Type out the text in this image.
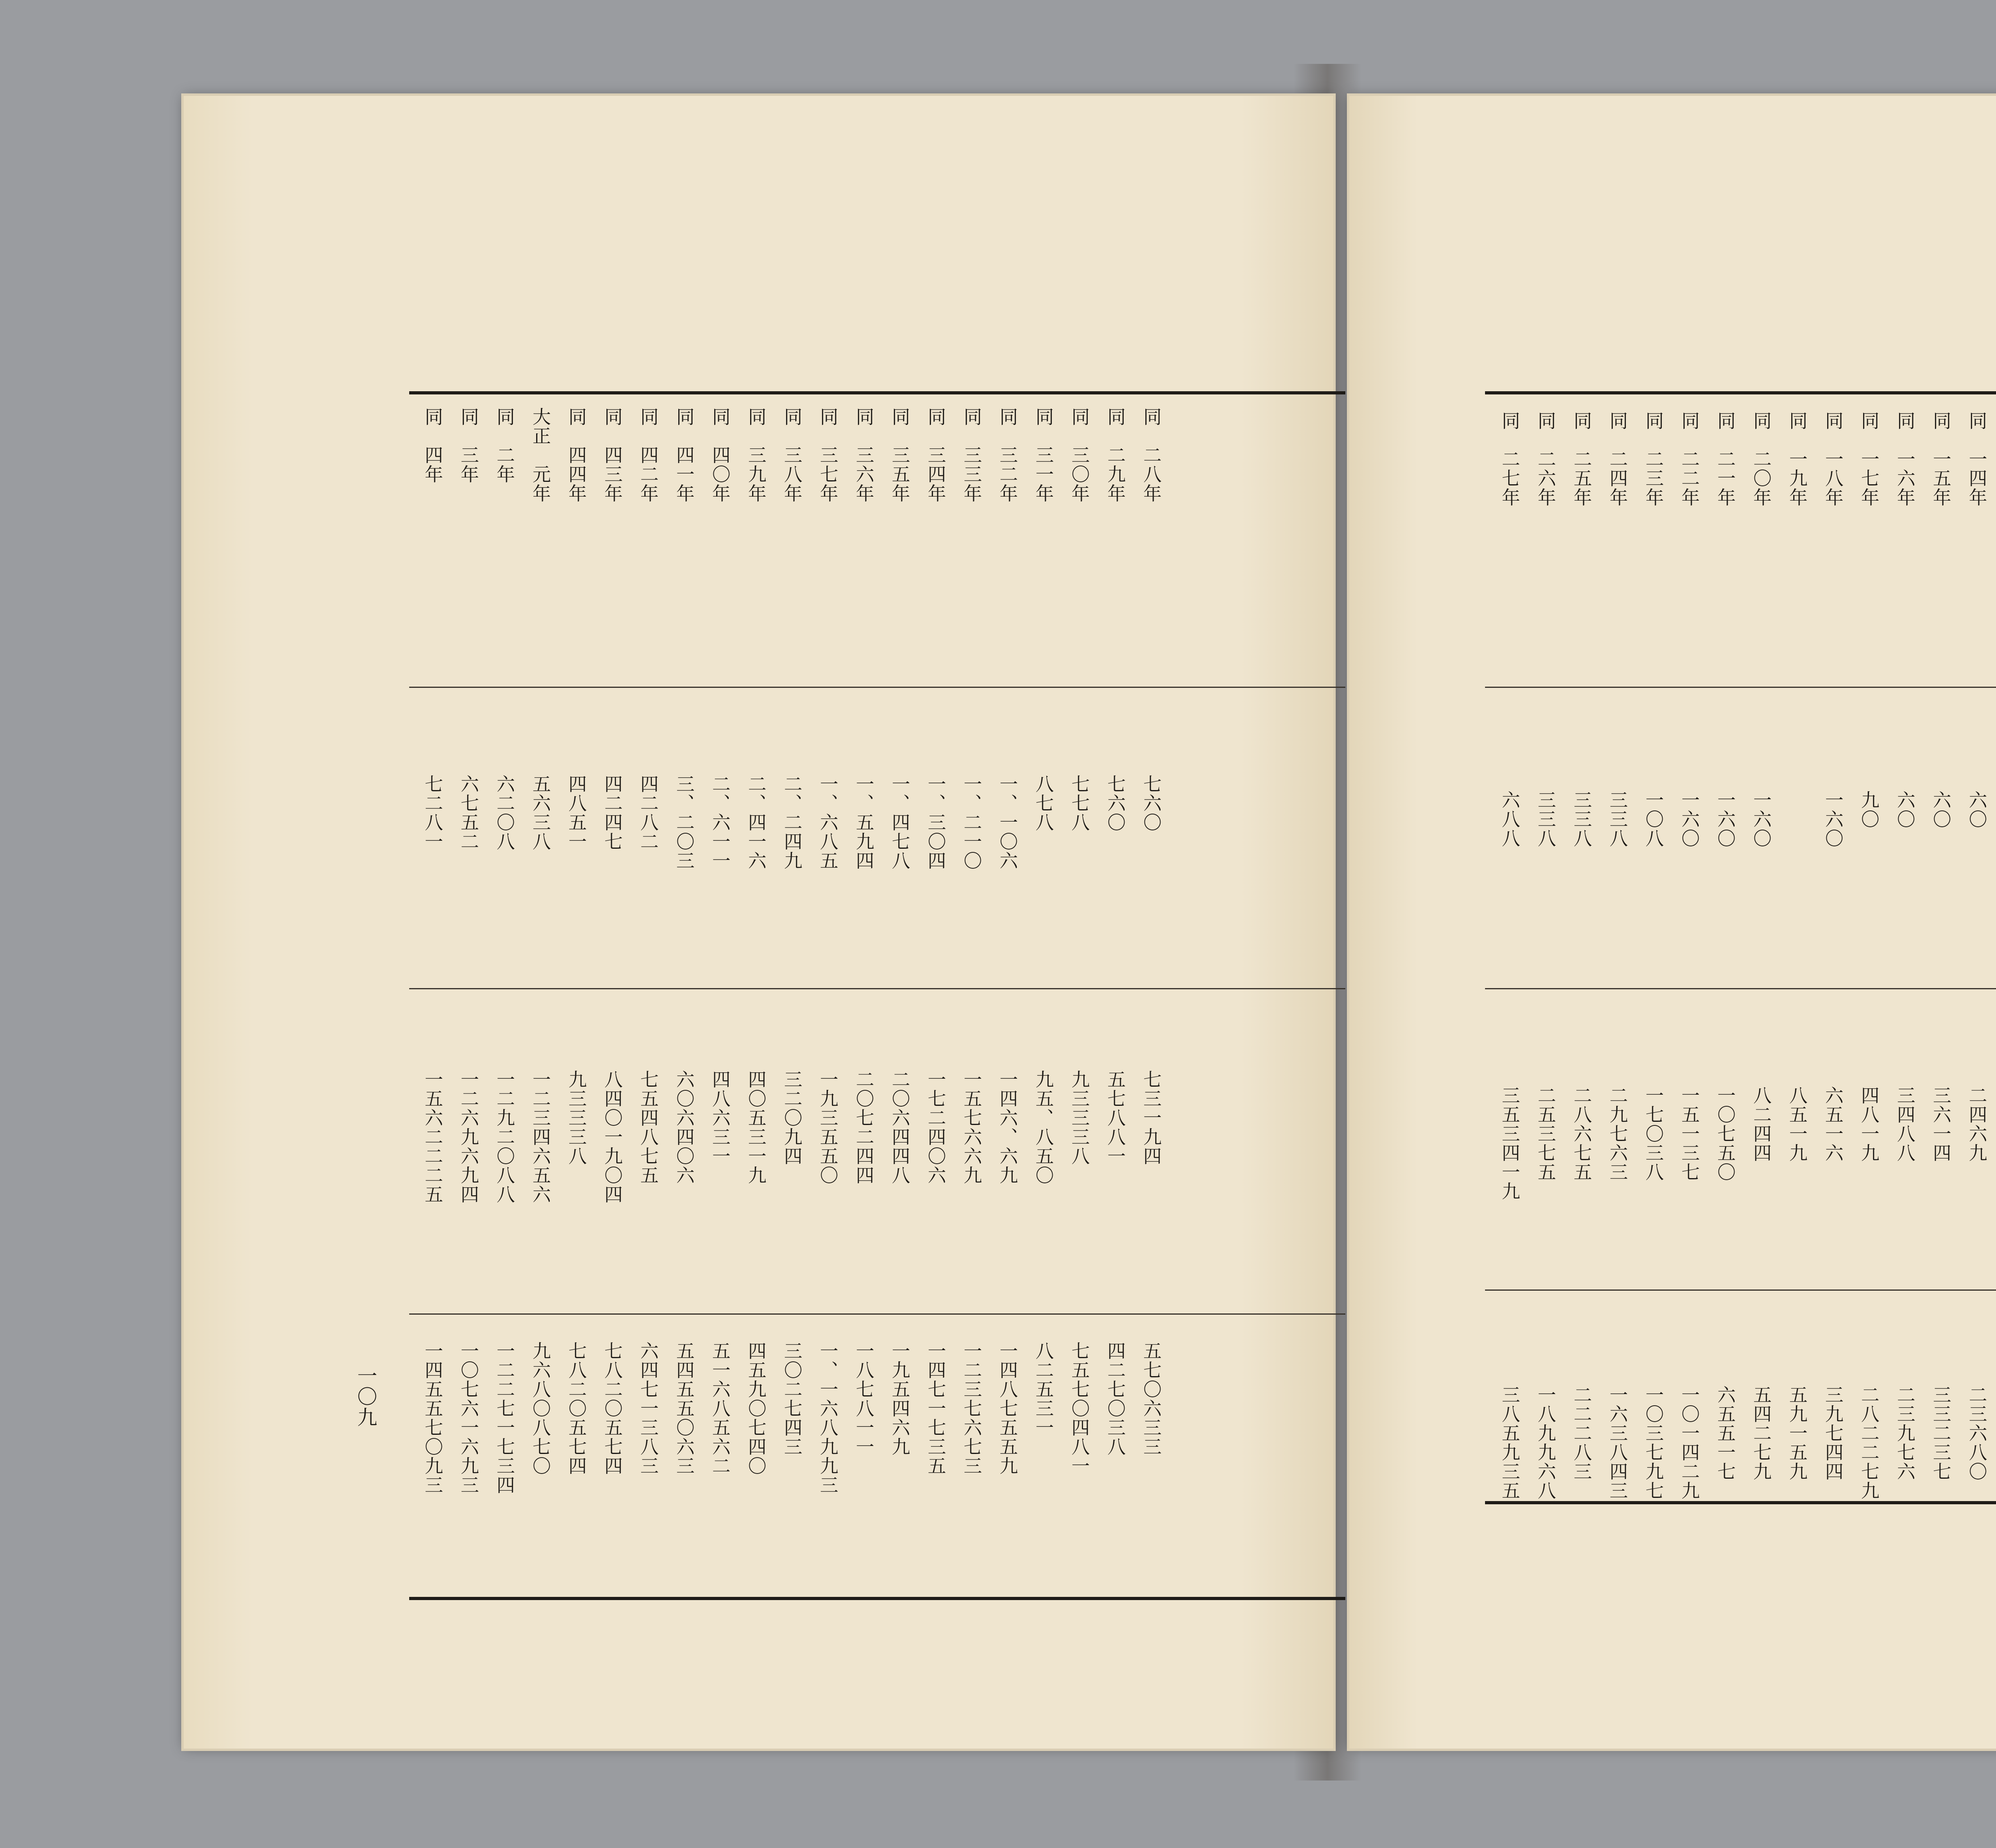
同　二八年
七六〇
七三一九四
五七〇六三三
同　二九年
七六〇
五七八八一
四二七〇三八
同　三〇年
七七八
九三三三八
七五七〇四八一
同　三一年
八七八
九五、八五〇
八二五三一
同　三二年
一、一〇六
一四六、六九
一四八七五五九
同　三三年
一、二一〇
一五七六六九
一二三七六七三
同　三四年
一、三〇四
一七二四〇六
一四七一七三五
同　三五年
一、四七八
二〇六四四八
一九五四六九
同　三六年
一、五九四
二〇七二四四
一八七八一一
同　三七年
一、六八五
一九三五五〇
一、一六八九九三
同　三八年
二、二四九
三二〇九四
三〇二七四三
同　三九年
二、四一六
四〇五三一九
四五九〇七四〇
同　四〇年
二、六一一
四八六三一
五一六八五六二
同　四一年
三、二〇三
六〇六四〇六
五四五五〇六三
同　四二年
四二八二
七五四八七五
六四七一三八三
同　四三年
四二四七
八四〇一九〇四
七八二〇五七四
同　四四年
四八五一
九三三三八
七八二〇五七四
大正　元年
五六三八
一二三四六五六
九六八〇八七〇
同　二年
六二〇八
一二九二〇八八
一二二七一七三四
同　三年
六七五二
一二六九六九四
一〇七六一六九三
同　四年
七二八一
一五六二二二五
一四五五七〇九三
一〇九
同　一四年
六〇
二四六九
二三六八〇
同　一五年
六〇
三六一四
三三二三七
同　一六年
六〇
三四八八
二三九七六
同　一七年
九〇
四八一九
二八二二七九
同　一八年
一六〇
六五一六
三九七四四
同　一九年
八五一九
五九一五九
同　二〇年
一六〇
八二四四
五四二七九
同　二一年
一六〇
一〇七五〇
六五五一七
同　二二年
一六〇
一五一三七
一〇一四二九
同　二三年
一〇八
一七〇三八
一〇三七九七
同　二四年
三三八
二九七六三
一六三八四三
同　二五年
三三八
二八六七五
二二二八三
同　二六年
三三八
二五三七五
一八九九六八
同　二七年
六八八
三五三四一九
三八五九三五
